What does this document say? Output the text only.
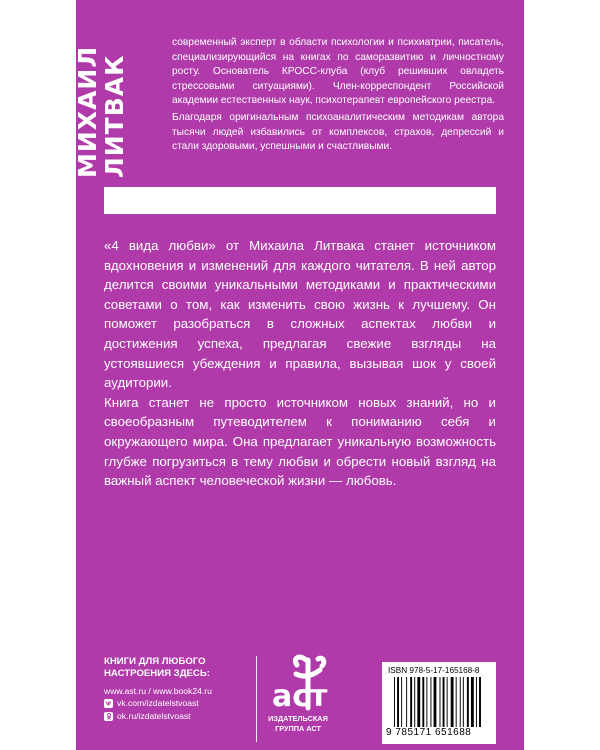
МИХАИЛ
ЛИТВАК

современный эксперт в области психологии и психиатрии, писатель, специализирующийся на книгах по саморазвитию и личностному росту. Основатель КРОСС-клуба (клуб решивших овладеть стрессовыми ситуациями). Член-корреспондент Российской академии естественных наук, психотерапевт европейского реестра.

Благодаря оригинальным психоаналитическим методикам автора тысячи людей избавились от комплексов, страхов, депрессий и стали здоровыми, успешными и счастливыми.

«4 вида любви» от Михаила Литвака станет источником вдохновения и изменений для каждого читателя. В ней автор делится своими уникальными методиками и практическими советами о том, как изменить свою жизнь к лучшему. Он поможет разобраться в сложных аспектах любви и достижения успеха, предлагая свежие взгляды на устоявшиеся убеждения и правила, вызывая шок у своей аудитории.

Книга станет не просто источником новых знаний, но и своеобразным путеводителем к пониманию себя и окружающего мира. Она предлагает уникальную возможность глубже погрузиться в тему любви и обрести новый взгляд на важный аспект человеческой жизни — любовь.

КНИГИ ДЛЯ ЛЮБОГО
НАСТРОЕНИЯ ЗДЕСЬ:
www.ast.ru / www.book24.ru
vk.com/izdatelstvoast
ok.ru/izdatelstvoast
аст
ИЗДАТЕЛЬСКАЯ
ГРУППА АСТ
ISBN 978-5-17-165168-8
9 785171 651688
